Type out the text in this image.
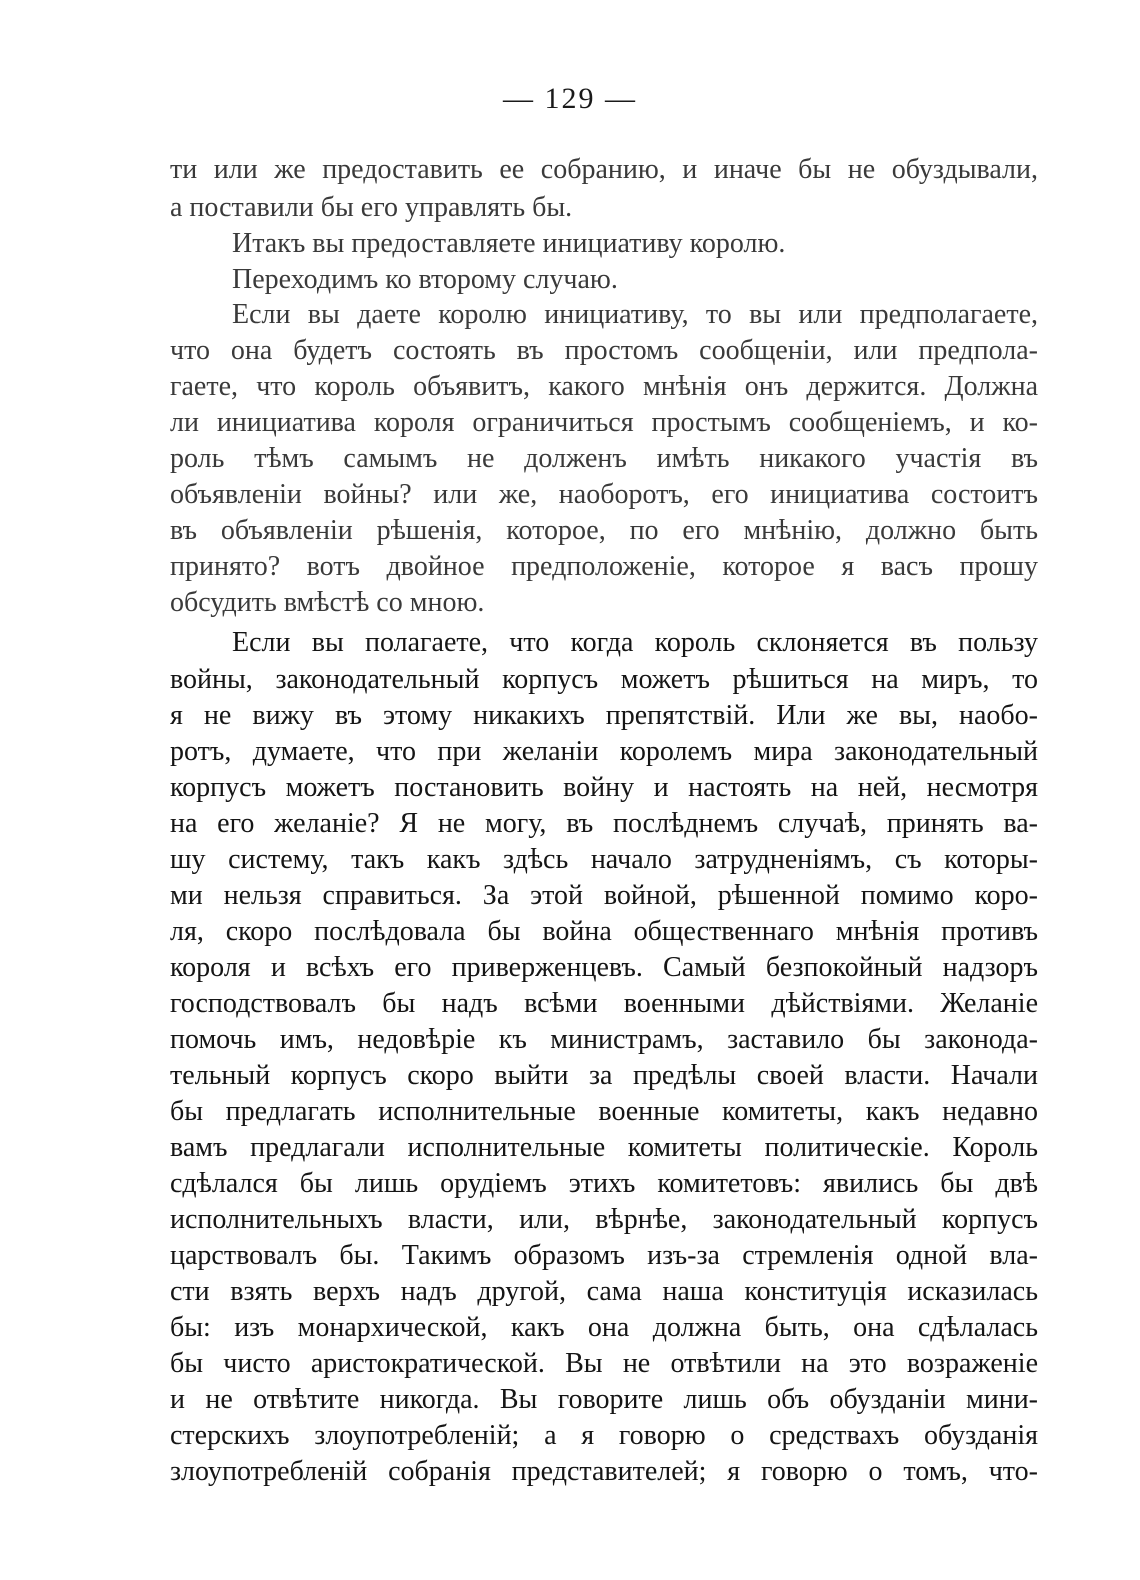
— 129 —
ти или же предоставить ее собранию, и иначе бы не обуздывали,
а поставили бы его управлять бы.
Итакъ вы предоставляете инициативу королю.
Переходимъ ко второму случаю.
Если вы даете королю инициативу, то вы или предполагаете,
что она будетъ состоять въ простомъ сообщеніи, или предпола-
гаете, что король объявитъ, какого мнѣнія онъ держится. Должна
ли инициатива короля ограничиться простымъ сообщеніемъ, и ко-
роль тѣмъ самымъ не долженъ имѣть никакого участія въ
объявленіи войны? или же, наоборотъ, его инициатива состоитъ
въ объявленіи рѣшенія, которое, по его мнѣнію, должно быть
принято? вотъ двойное предположеніе, которое я васъ прошу
обсудить вмѣстѣ со мною.
Если вы полагаете, что когда король склоняется въ пользу
войны, законодательный корпусъ можетъ рѣшиться на миръ, то
я не вижу въ этому никакихъ препятствій. Или же вы, наобо-
ротъ, думаете, что при желаніи королемъ мира законодательный
корпусъ можетъ постановить войну и настоять на ней, несмотря
на его желаніе? Я не могу, въ послѣднемъ случаѣ, принять ва-
шу систему, такъ какъ здѣсь начало затрудненіямъ, съ которы-
ми нельзя справиться. За этой войной, рѣшенной помимо коро-
ля, скоро послѣдовала бы война общественнаго мнѣнія противъ
короля и всѣхъ его приверженцевъ. Самый безпокойный надзоръ
господствовалъ бы надъ всѣми военными дѣйствіями. Желаніе
помочь имъ, недовѣріе къ министрамъ, заставило бы законода-
тельный корпусъ скоро выйти за предѣлы своей власти. Начали
бы предлагать исполнительные военные комитеты, какъ недавно
вамъ предлагали исполнительные комитеты политическіе. Король
сдѣлался бы лишь орудіемъ этихъ комитетовъ: явились бы двѣ
исполнительныхъ власти, или, вѣрнѣе, законодательный корпусъ
царствовалъ бы. Такимъ образомъ изъ-за стремленія одной вла-
сти взять верхъ надъ другой, сама наша конституція исказилась
бы: изъ монархической, какъ она должна быть, она сдѣлалась
бы чисто аристократической. Вы не отвѣтили на это возраженіе
и не отвѣтите никогда. Вы говорите лишь объ обузданіи мини-
стерскихъ злоупотребленій; а я говорю о средствахъ обузданія
злоупотребленій собранія представителей; я говорю о томъ, что-
